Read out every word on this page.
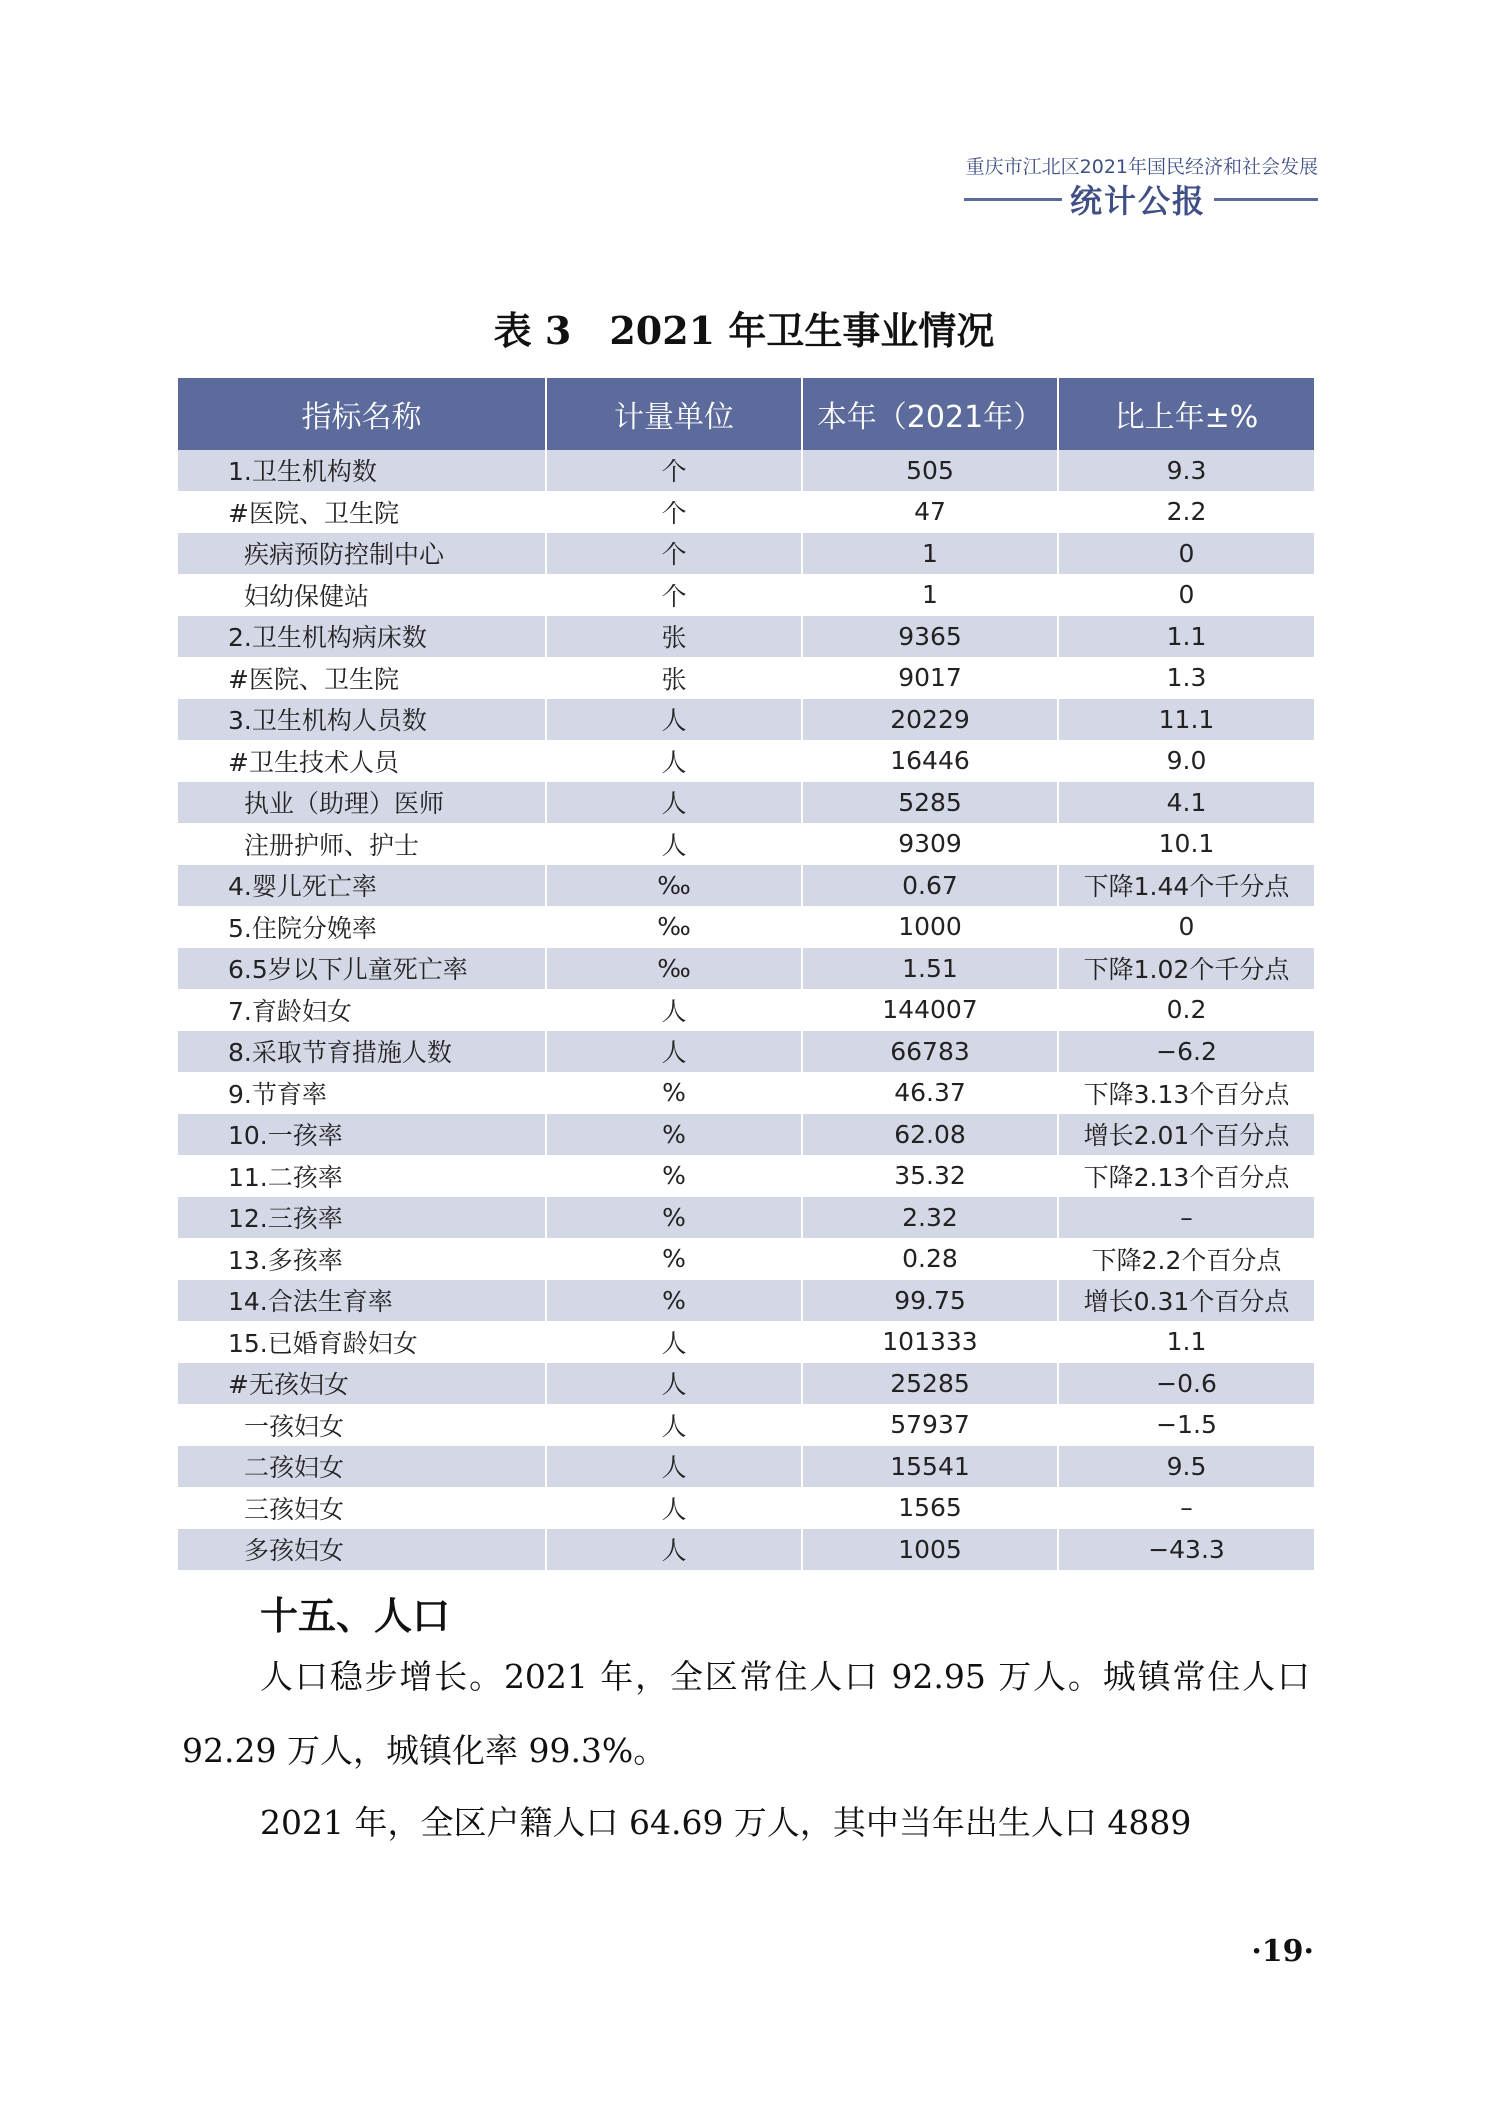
重庆市江北区2021年国民经济和社会发展
统计公报
表 3　2021 年卫生事业情况
指标名称	计量单位	本年（2021年）	比上年±%
1.卫生机构数	个	505	9.3
#医院、卫生院	个	47	2.2
疾病预防控制中心	个	1	0
妇幼保健站	个	1	0
2.卫生机构病床数	张	9365	1.1
#医院、卫生院	张	9017	1.3
3.卫生机构人员数	人	20229	11.1
#卫生技术人员	人	16446	9.0
执业（助理）医师	人	5285	4.1
注册护师、护士	人	9309	10.1
4.婴儿死亡率	‰	0.67	下降1.44个千分点
5.住院分娩率	‰	1000	0
6.5岁以下儿童死亡率	‰	1.51	下降1.02个千分点
7.育龄妇女	人	144007	0.2
8.采取节育措施人数	人	66783	−6.2
9.节育率	%	46.37	下降3.13个百分点
10.一孩率	%	62.08	增长2.01个百分点
11.二孩率	%	35.32	下降2.13个百分点
12.三孩率	%	2.32	–
13.多孩率	%	0.28	下降2.2个百分点
14.合法生育率	%	99.75	增长0.31个百分点
15.已婚育龄妇女	人	101333	1.1
#无孩妇女	人	25285	−0.6
一孩妇女	人	57937	−1.5
二孩妇女	人	15541	9.5
三孩妇女	人	1565	–
多孩妇女	人	1005	−43.3
十五、人口
人口稳步增长。2021 年，全区常住人口 92.95 万人。城镇常住人口 92.29 万人，城镇化率 99.3%。
2021 年，全区户籍人口 64.69 万人，其中当年出生人口 4889
·19·
